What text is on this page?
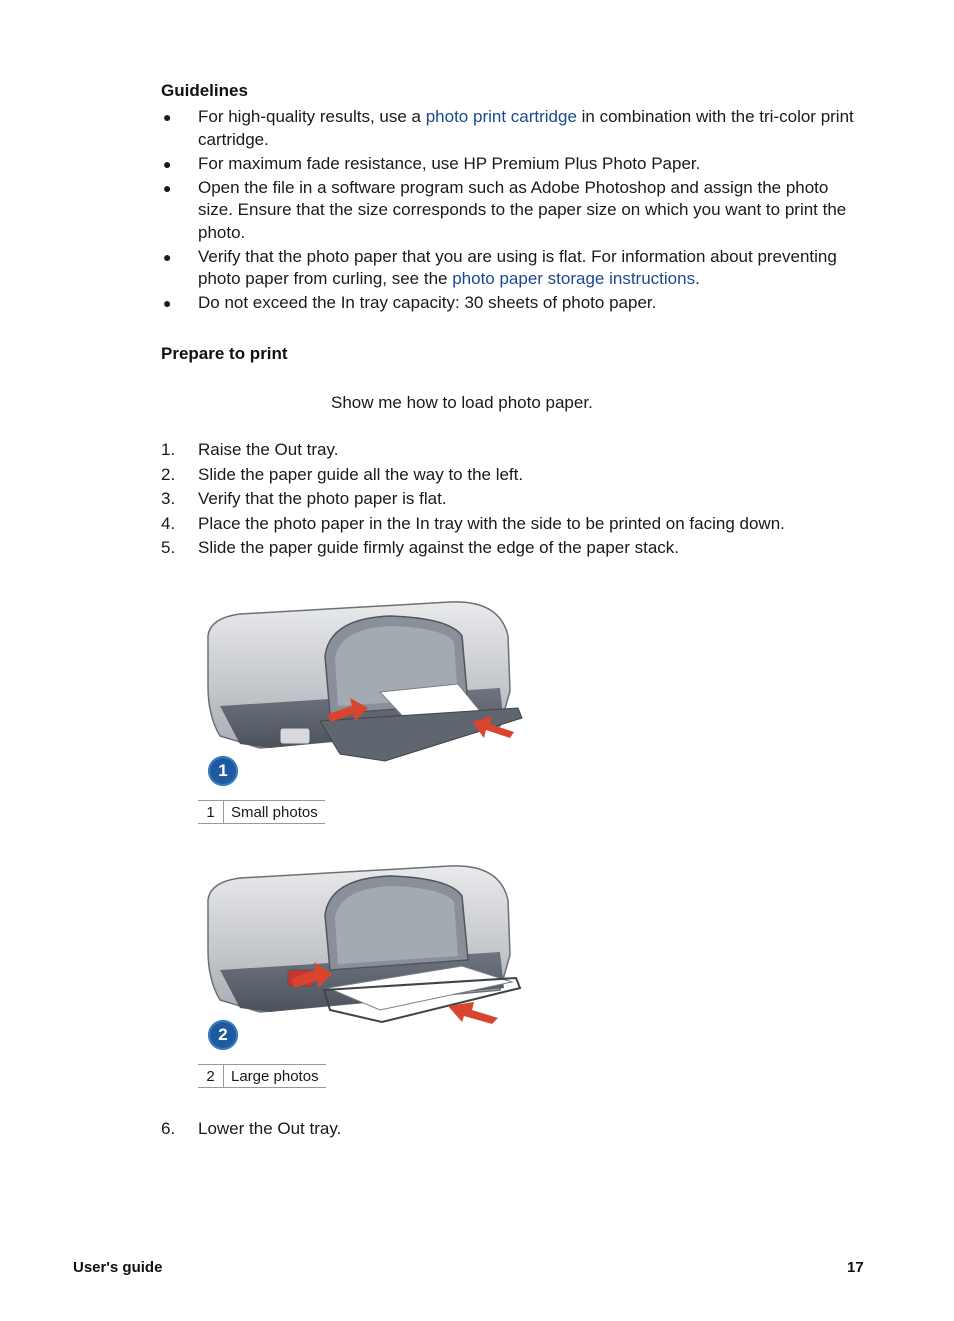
Guidelines
● For high-quality results, use a photo print cartridge in combination with the tri-color print cartridge.
● For maximum fade resistance, use HP Premium Plus Photo Paper.
● Open the file in a software program such as Adobe Photoshop and assign the photo size. Ensure that the size corresponds to the paper size on which you want to print the photo.
● Verify that the photo paper that you are using is flat. For information about preventing photo paper from curling, see the photo paper storage instructions.
● Do not exceed the In tray capacity: 30 sheets of photo paper.
Prepare to print
Show me how to load photo paper.
1. Raise the Out tray.
2. Slide the paper guide all the way to the left.
3. Verify that the photo paper is flat.
4. Place the photo paper in the In tray with the side to be printed on facing down.
5. Slide the paper guide firmly against the edge of the paper stack.
1
1	Small photos
2
2	Large photos
6. Lower the Out tray.
User's guide	17
